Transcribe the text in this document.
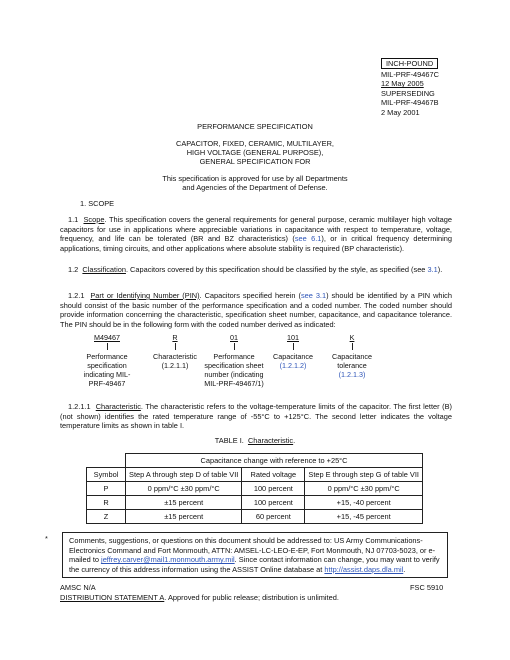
INCH-POUND
MIL-PRF-49467C
12 May 2005
SUPERSEDING
MIL-PRF-49467B
2 May 2001
PERFORMANCE SPECIFICATION
CAPACITOR, FIXED, CERAMIC, MULTILAYER,
HIGH VOLTAGE (GENERAL PURPOSE),
GENERAL SPECIFICATION FOR
This specification is approved for use by all Departments
and Agencies of the Department of Defense.
1. SCOPE
1.1 Scope. This specification covers the general requirements for general purpose, ceramic multilayer high voltage capacitors for use in applications where appreciable variations in capacitance with respect to temperature, voltage, frequency, and life can be tolerated (BR and BZ characteristics) (see 6.1), or in critical frequency determining applications, timing circuits, and other applications where absolute stability is required (BP characteristic).
1.2 Classification. Capacitors covered by this specification should be classified by the style, as specified (see 3.1).
1.2.1 Part or Identifying Number (PIN). Capacitors specified herein (see 3.1) should be identified by a PIN which should consist of the basic number of the performance specification and a coded number. The coded number should provide information concerning the characteristic, specification sheet number, capacitance, and capacitance tolerance. The PIN should be in the following form with the coded number derived as indicated:
M49467
Performance specification indicating MIL-PRF-49467
R
Characteristic
(1.2.1.1)
01
Performance specification sheet number (indicating MIL-PRF-49467/1)
101
Capacitance
(1.2.1.2)
K
Capacitance tolerance
(1.2.1.3)
1.2.1.1 Characteristic. The characteristic refers to the voltage-temperature limits of the capacitor. The first letter (B) (not shown) identifies the rated temperature range of -55°C to +125°C. The second letter indicates the voltage temperature limits as shown in table I.
TABLE I. Characteristic.
	Capacitance change with reference to +25°C		
Symbol	Step A through step D of table VII	Rated voltage	Step E through step G of table VII
P	0 ppm/°C ±30 ppm/°C	100 percent	0 ppm/°C ±30 ppm/°C
R	±15 percent	100 percent	+15, -40 percent
Z	±15 percent	60 percent	+15, -45 percent
*	Comments, suggestions, or questions on this document should be addressed to: US Army Communications-Electronics Command and Fort Monmouth, ATTN: AMSEL-LC-LEO-E-EP, Fort Monmouth, NJ 07703-5023, or e-mailed to jeffrey.carver@mail1.monmouth.army.mil. Since contact information can change, you may want to verify the currency of this address information using the ASSIST Online database at http://assist.daps.dla.mil.
AMSC N/A	FSC 5910
DISTRIBUTION STATEMENT A. Approved for public release; distribution is unlimited.
